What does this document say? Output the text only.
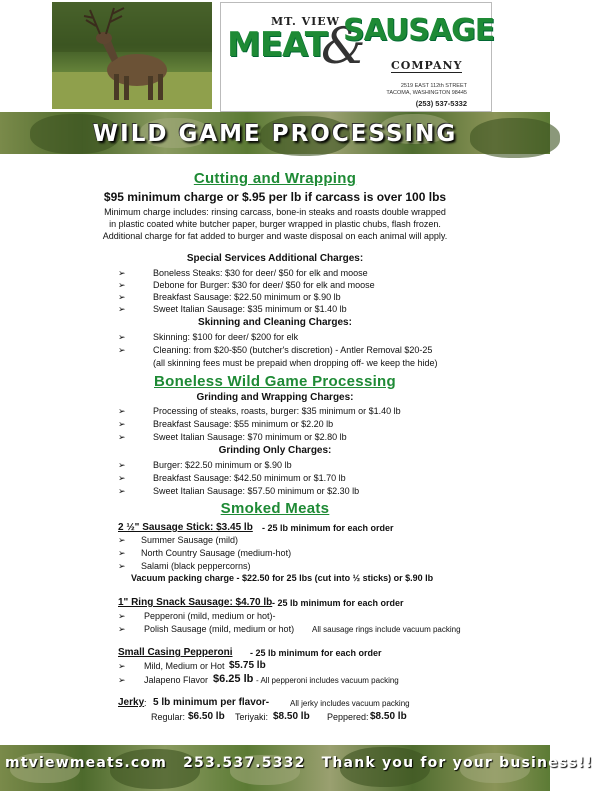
MT. VIEW
MEAT
&
SAUSAGE
COMPANY
2519 EAST 112th STREET
TACOMA, WASHINGTON 98445
(253) 537-5332
WILD GAME PROCESSING
Cutting and Wrapping
$95 minimum charge or $.95 per lb if carcass is over 100 lbs
Minimum charge includes: rinsing carcass, bone-in steaks and roasts double wrapped
in plastic coated white butcher paper, burger wrapped in plastic chubs, flash frozen.
Additional charge for fat added to burger and waste disposal on each animal will apply.
Special Services Additional Charges:
➢	Boneless Steaks: $30 for deer/ $50 for elk and moose
➢	Debone for Burger: $30 for deer/ $50 for elk and moose
➢	Breakfast Sausage: $22.50 minimum or $.90 lb
➢	Sweet Italian Sausage: $35 minimum or $1.40 lb
Skinning and Cleaning Charges:
➢	Skinning: $100 for deer/ $200 for elk
➢	Cleaning: from $20-$50 (butcher's discretion) - Antler Removal $20-25
(all skinning fees must be prepaid when dropping off- we keep the hide)
Boneless Wild Game Processing
Grinding and Wrapping Charges:
➢	Processing of steaks, roasts, burger: $35 minimum or $1.40 lb
➢	Breakfast Sausage: $55 minimum or $2.20 lb
➢	Sweet Italian Sausage: $70 minimum or $2.80 lb
Grinding Only Charges:
➢	Burger: $22.50 minimum or $.90 lb
➢	Breakfast Sausage: $42.50 minimum or $1.70 lb
➢	Sweet Italian Sausage: $57.50 minimum or $2.30 lb
Smoked Meats
2 ½" Sausage Stick: $3.45 lb - 25 lb minimum for each order
➢ Summer Sausage (mild)
➢ North Country Sausage (medium-hot)
➢ Salami (black peppercorns)
Vacuum packing charge - $22.50 for 25 lbs (cut into ½ sticks) or $.90 lb
1" Ring Snack Sausage: $4.70 lb - 25 lb minimum for each order
➢ Pepperoni (mild, medium or hot)-
➢ Polish Sausage (mild, medium or hot) All sausage rings include vacuum packing
Small Casing Pepperoni - 25 lb minimum for each order
➢ Mild, Medium or Hot $5.75 lb
➢ Jalapeno Flavor $6.25 lb - All pepperoni includes vacuum packing
Jerky : 5 lb minimum per flavor-	All jerky includes vacuum packing
Regular: $6.50 lb Teriyaki: $8.50 lb Peppered: $8.50 lb
mtviewmeats.com 253.537.5332 Thank you for your business!!
